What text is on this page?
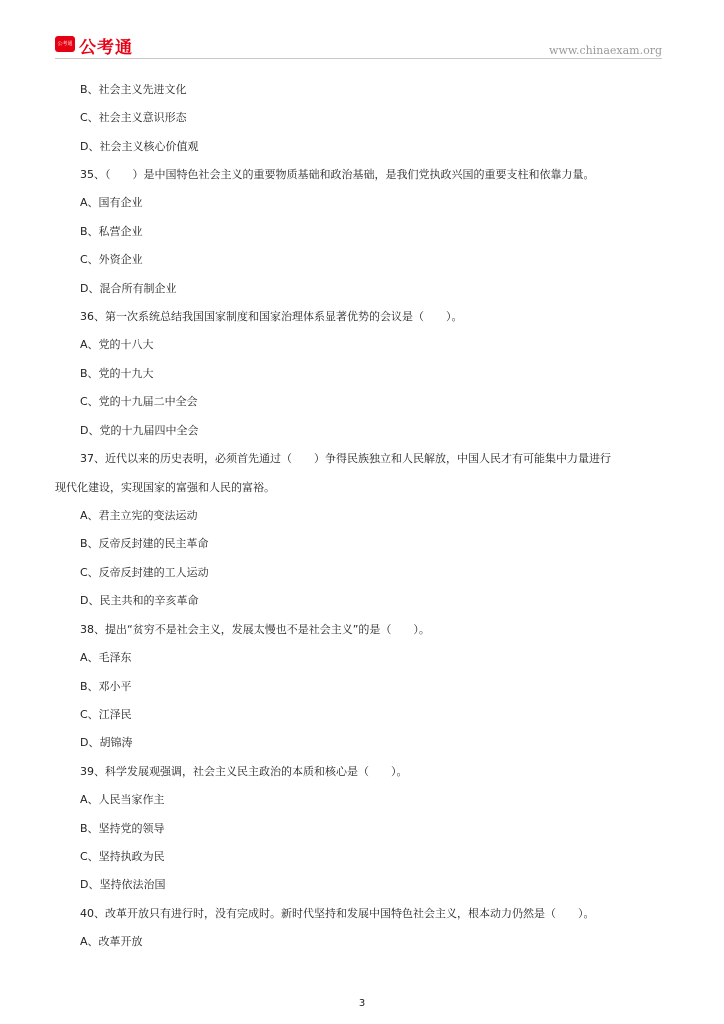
公考通 公考通	www.chinaexam.org
B、社会主义先进文化
C、社会主义意识形态
D、社会主义核心价值观
35、（　　）是中国特色社会主义的重要物质基础和政治基础，是我们党执政兴国的重要支柱和依靠力量。
A、国有企业
B、私营企业
C、外资企业
D、混合所有制企业
36、第一次系统总结我国国家制度和国家治理体系显著优势的会议是（　　）。
A、党的十八大
B、党的十九大
C、党的十九届二中全会
D、党的十九届四中全会
37、近代以来的历史表明，必须首先通过（　　）争得民族独立和人民解放，中国人民才有可能集中力量进行
现代化建设，实现国家的富强和人民的富裕。
A、君主立宪的变法运动
B、反帝反封建的民主革命
C、反帝反封建的工人运动
D、民主共和的辛亥革命
38、提出“贫穷不是社会主义，发展太慢也不是社会主义”的是（　　）。
A、毛泽东
B、邓小平
C、江泽民
D、胡锦涛
39、科学发展观强调，社会主义民主政治的本质和核心是（　　）。
A、人民当家作主
B、坚持党的领导
C、坚持执政为民
D、坚持依法治国
40、改革开放只有进行时，没有完成时。新时代坚持和发展中国特色社会主义，根本动力仍然是（　　）。
A、改革开放
3
